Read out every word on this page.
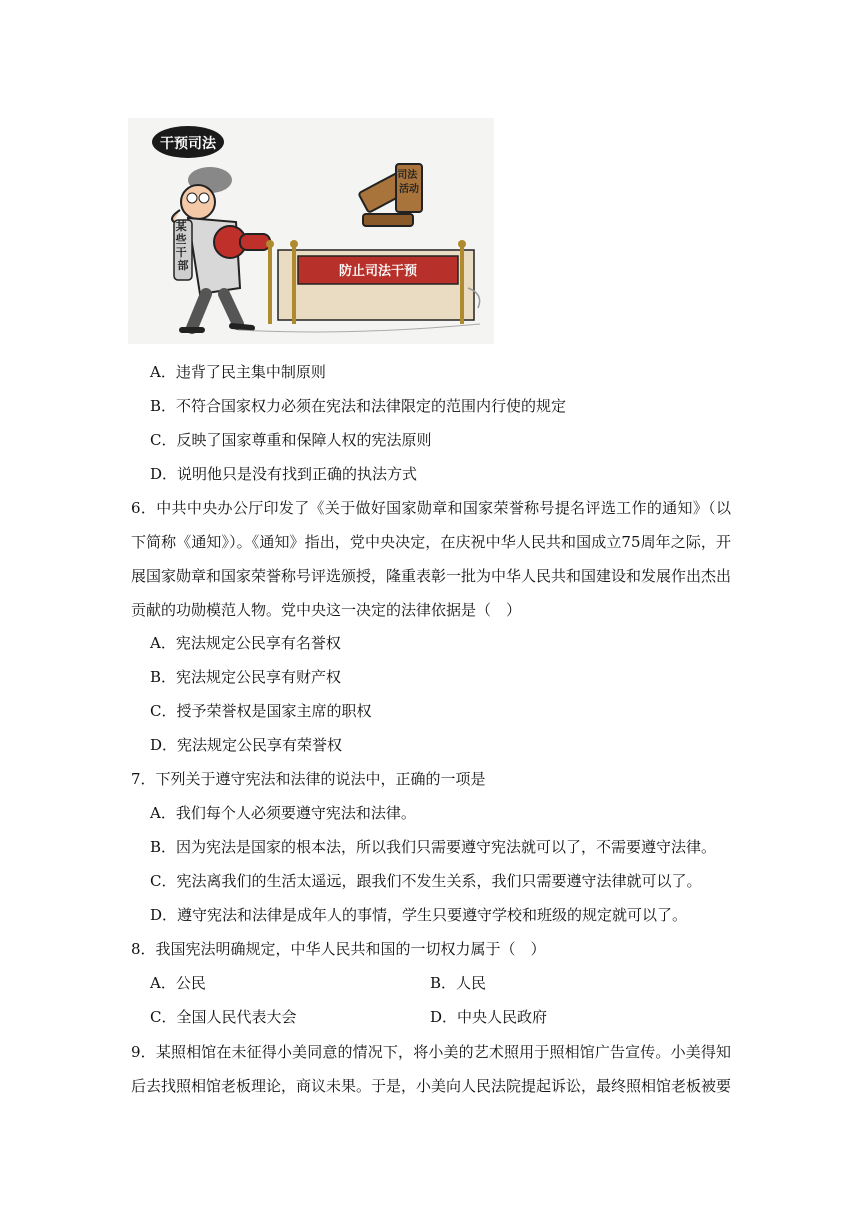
干预司法
某 些 干 部
司法 活动
防止司法干预
A．违背了民主集中制原则
B．不符合国家权力必须在宪法和法律限定的范围内行使的规定
C．反映了国家尊重和保障人权的宪法原则
D．说明他只是没有找到正确的执法方式
6．中共中央办公厅印发了《关于做好国家勋章和国家荣誉称号提名评选工作的通知》（以下简称《通知》）。《通知》指出，党中央决定，在庆祝中华人民共和国成立75周年之际，开展国家勋章和国家荣誉称号评选颁授，隆重表彰一批为中华人民共和国建设和发展作出杰出贡献的功勋模范人物。党中央这一决定的法律依据是（　）
A．宪法规定公民享有名誉权
B．宪法规定公民享有财产权
C．授予荣誉权是国家主席的职权
D．宪法规定公民享有荣誉权
7．下列关于遵守宪法和法律的说法中，正确的一项是
A．我们每个人必须要遵守宪法和法律。
B．因为宪法是国家的根本法，所以我们只需要遵守宪法就可以了，不需要遵守法律。
C．宪法离我们的生活太遥远，跟我们不发生关系，我们只需要遵守法律就可以了。
D．遵守宪法和法律是成年人的事情，学生只要遵守学校和班级的规定就可以了。
8．我国宪法明确规定，中华人民共和国的一切权力属于（　）
A．公民	B．人民
C．全国人民代表大会	D．中央人民政府
9．某照相馆在未征得小美同意的情况下，将小美的艺术照用于照相馆广告宣传。小美得知后去找照相馆老板理论，商议未果。于是，小美向人民法院提起诉讼，最终照相馆老板被要
